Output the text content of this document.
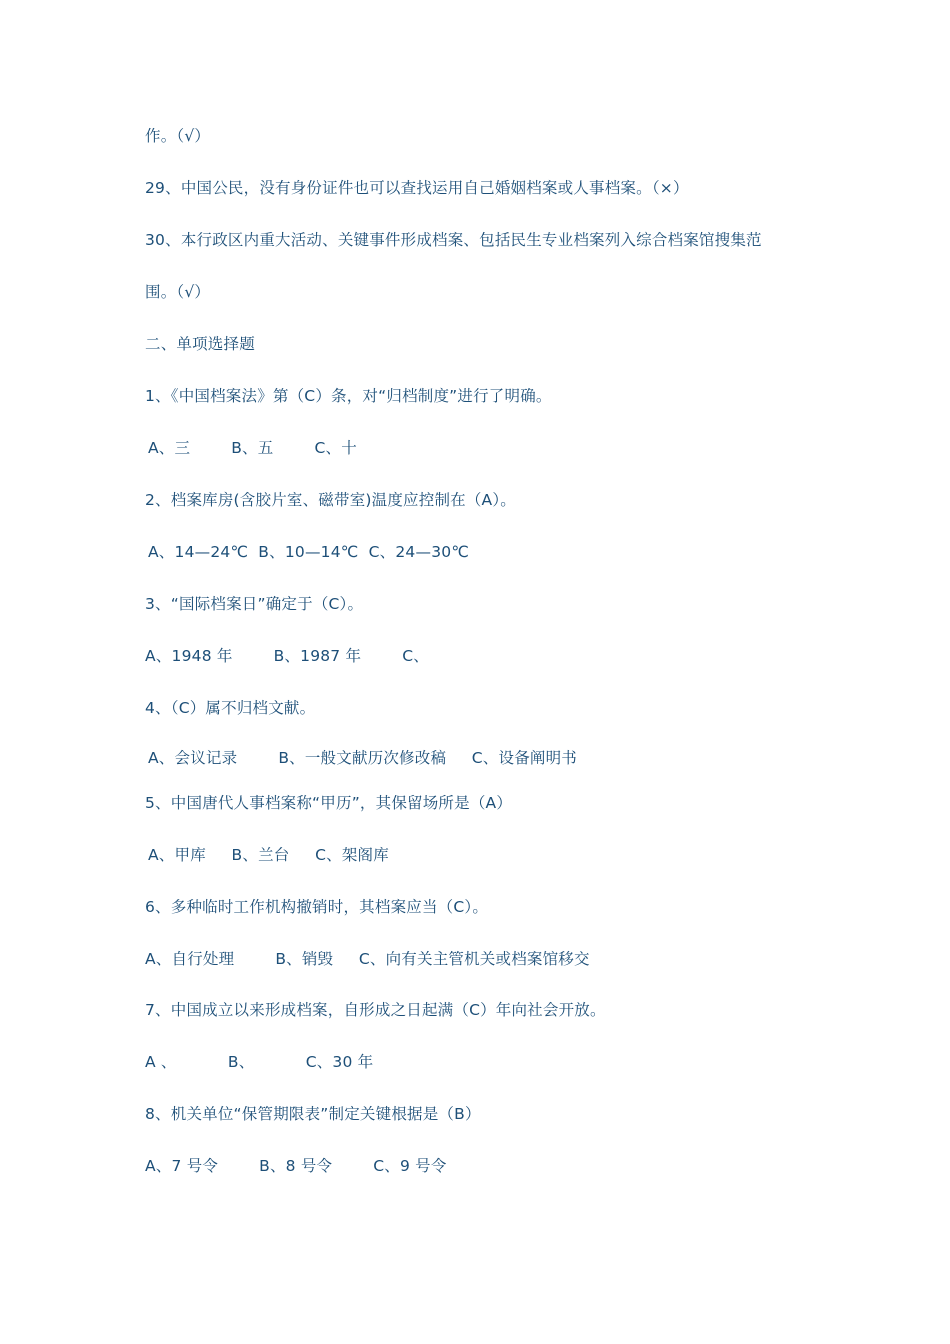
作。（√）
29、中国公民，没有身份证件也可以查找运用自己婚姻档案或人事档案。（×）
30、本行政区内重大活动、关键事件形成档案、包括民生专业档案列入综合档案馆搜集范
围。（√）
二、单项选择题
1、《中国档案法》第（C）条，对“归档制度”进行了明确。
A、三        B、五        C、十
2、档案库房(含胶片室、磁带室)温度应控制在（A）。
A、14—24℃  B、10—14℃  C、24—30℃
3、“国际档案日”确定于（C）。
A、1948 年        B、1987 年        C、
4、（C）属不归档文献。
A、会议记录        B、一般文献历次修改稿     C、设备阐明书
5、中国唐代人事档案称“甲历”，其保留场所是（A）
A、甲库     B、兰台     C、架阁库
6、多种临时工作机构撤销时，其档案应当（C）。
A、自行处理        B、销毁     C、向有关主管机关或档案馆移交
7、中国成立以来形成档案，自形成之日起满（C）年向社会开放。
A 、          B、          C、30 年
8、机关单位“保管期限表”制定关键根据是（B）
A、7 号令        B、8 号令        C、9 号令
